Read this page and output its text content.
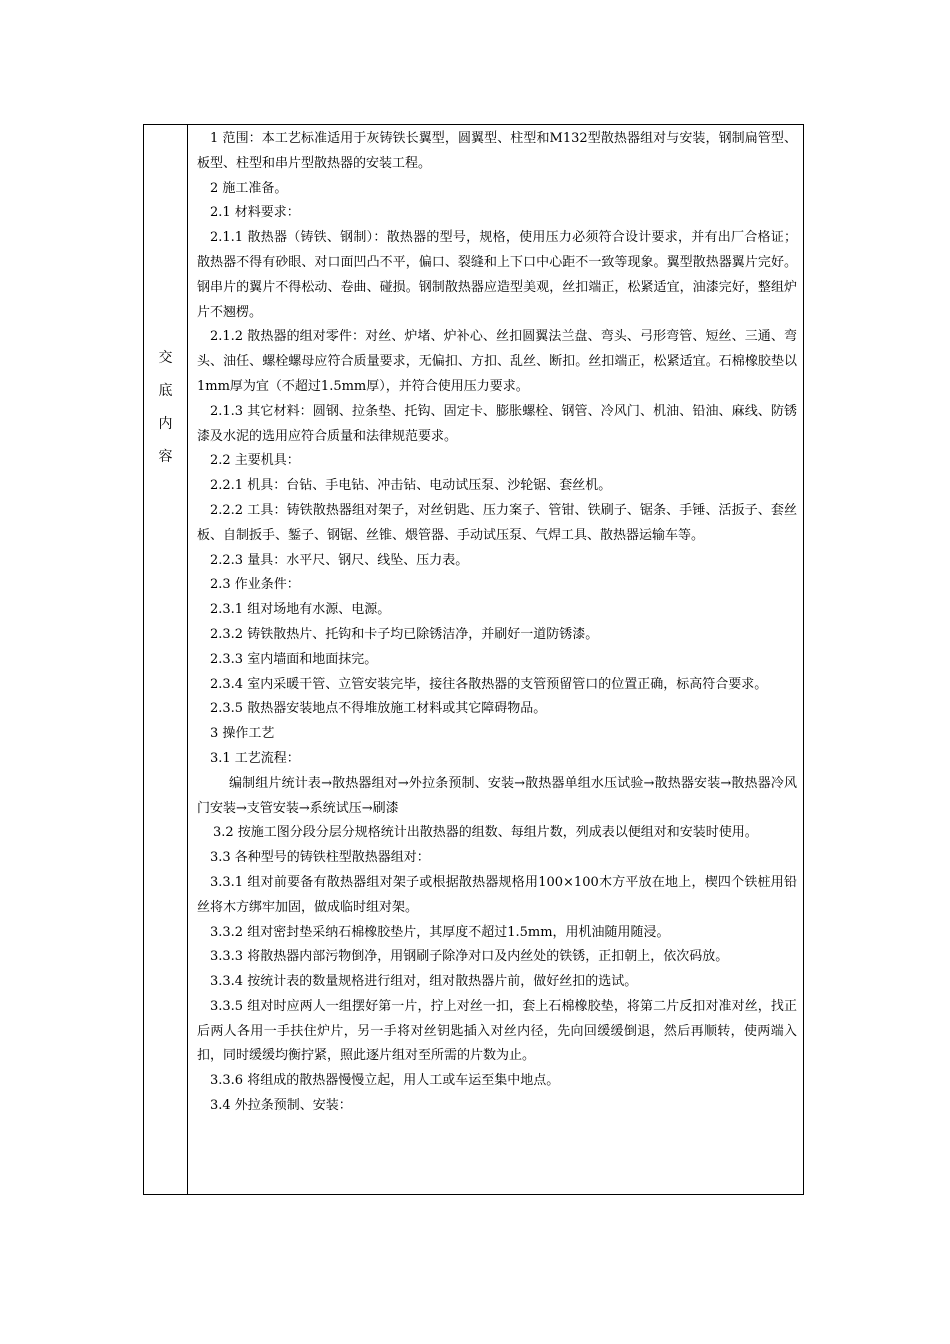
交
底
内
容

1 范围：本工艺标准适用于灰铸铁长翼型，圆翼型、柱型和M132型散热器组对与安装，钢制扁管型、板型、柱型和串片型散热器的安装工程。

2 施工准备。

2.1 材料要求：

2.1.1 散热器（铸铁、钢制）：散热器的型号，规格，使用压力必须符合设计要求，并有出厂合格证；散热器不得有砂眼、对口面凹凸不平，偏口、裂缝和上下口中心距不一致等现象。翼型散热器翼片完好。钢串片的翼片不得松动、卷曲、碰损。钢制散热器应造型美观，丝扣端正，松紧适宜，油漆完好，整组炉片不翘楞。

2.1.2 散热器的组对零件：对丝、炉堵、炉补心、丝扣圆翼法兰盘、弯头、弓形弯管、短丝、三通、弯头、油任、螺栓螺母应符合质量要求，无偏扣、方扣、乱丝、断扣。丝扣端正，松紧适宜。石棉橡胶垫以1mm厚为宜（不超过1.5mm厚），并符合使用压力要求。

2.1.3 其它材料：圆钢、拉条垫、托钩、固定卡、膨胀螺栓、钢管、冷风门、机油、铅油、麻线、防锈漆及水泥的选用应符合质量和法律规范要求。

2.2 主要机具：

2.2.1 机具：台钻、手电钻、冲击钻、电动试压泵、沙轮锯、套丝机。

2.2.2 工具：铸铁散热器组对架子，对丝钥匙、压力案子、管钳、铁刷子、锯条、手锤、活扳子、套丝板、自制扳手、錾子、钢锯、丝锥、煨管器、手动试压泵、气焊工具、散热器运输车等。

2.2.3 量具：水平尺、钢尺、线坠、压力表。

2.3 作业条件：

2.3.1 组对场地有水源、电源。

2.3.2 铸铁散热片、托钩和卡子均已除锈洁净，并刷好一道防锈漆。

2.3.3 室内墙面和地面抹完。

2.3.4 室内采暖干管、立管安装完毕，接往各散热器的支管预留管口的位置正确，标高符合要求。

2.3.5 散热器安装地点不得堆放施工材料或其它障碍物品。

3 操作工艺

3.1 工艺流程：

编制组片统计表→散热器组对→外拉条预制、安装→散热器单组水压试验→散热器安装→散热器冷风门安装→支管安装→系统试压→刷漆

3.2 按施工图分段分层分规格统计出散热器的组数、每组片数，列成表以便组对和安装时使用。

3.3 各种型号的铸铁柱型散热器组对：

3.3.1 组对前要备有散热器组对架子或根据散热器规格用100×100木方平放在地上，楔四个铁桩用铅丝将木方绑牢加固，做成临时组对架。

3.3.2 组对密封垫采纳石棉橡胶垫片，其厚度不超过1.5mm，用机油随用随浸。

3.3.3 将散热器内部污物倒净，用钢刷子除净对口及内丝处的铁锈，正扣朝上，依次码放。

3.3.4 按统计表的数量规格进行组对，组对散热器片前，做好丝扣的选试。

3.3.5 组对时应两人一组摆好第一片，拧上对丝一扣，套上石棉橡胶垫，将第二片反扣对准对丝，找正后两人各用一手扶住炉片，另一手将对丝钥匙插入对丝内径，先向回缓缓倒退，然后再顺转，使两端入扣，同时缓缓均衡拧紧，照此逐片组对至所需的片数为止。

3.3.6 将组成的散热器慢慢立起，用人工或车运至集中地点。

3.4 外拉条预制、安装：
